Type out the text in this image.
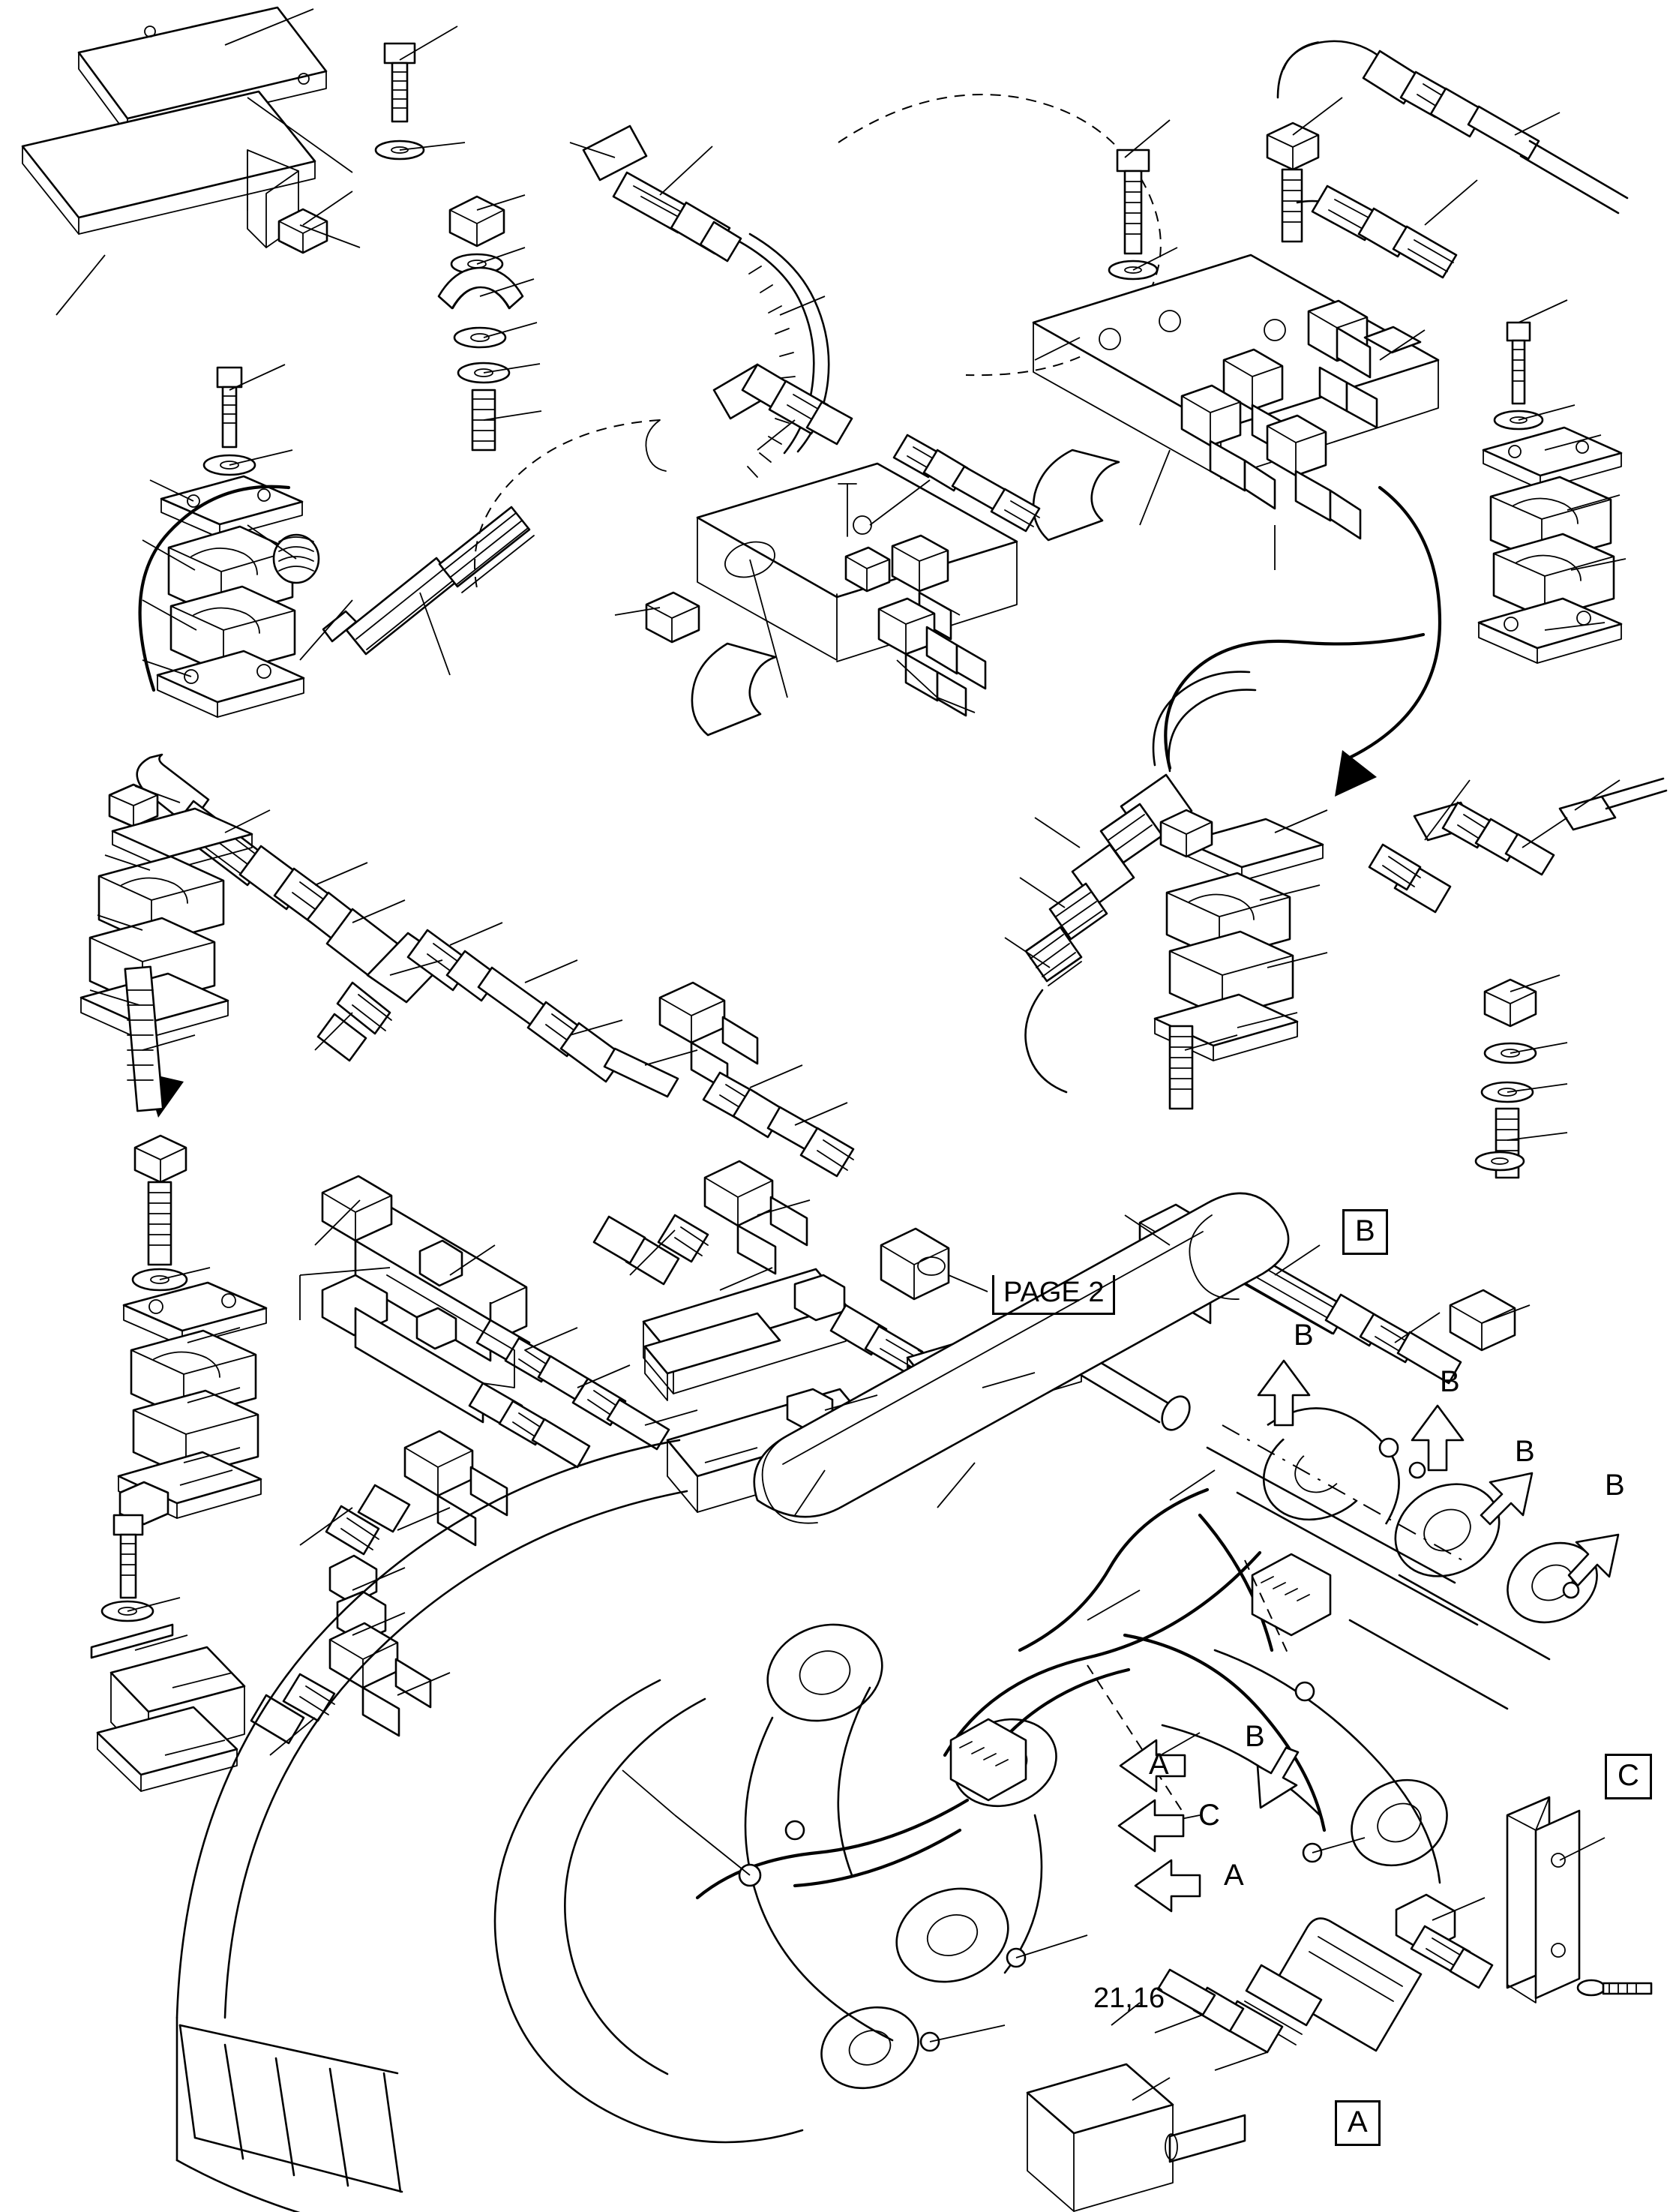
PAGE 2
B
C
A
B
B
B
B
B
A
A
C
21,16
